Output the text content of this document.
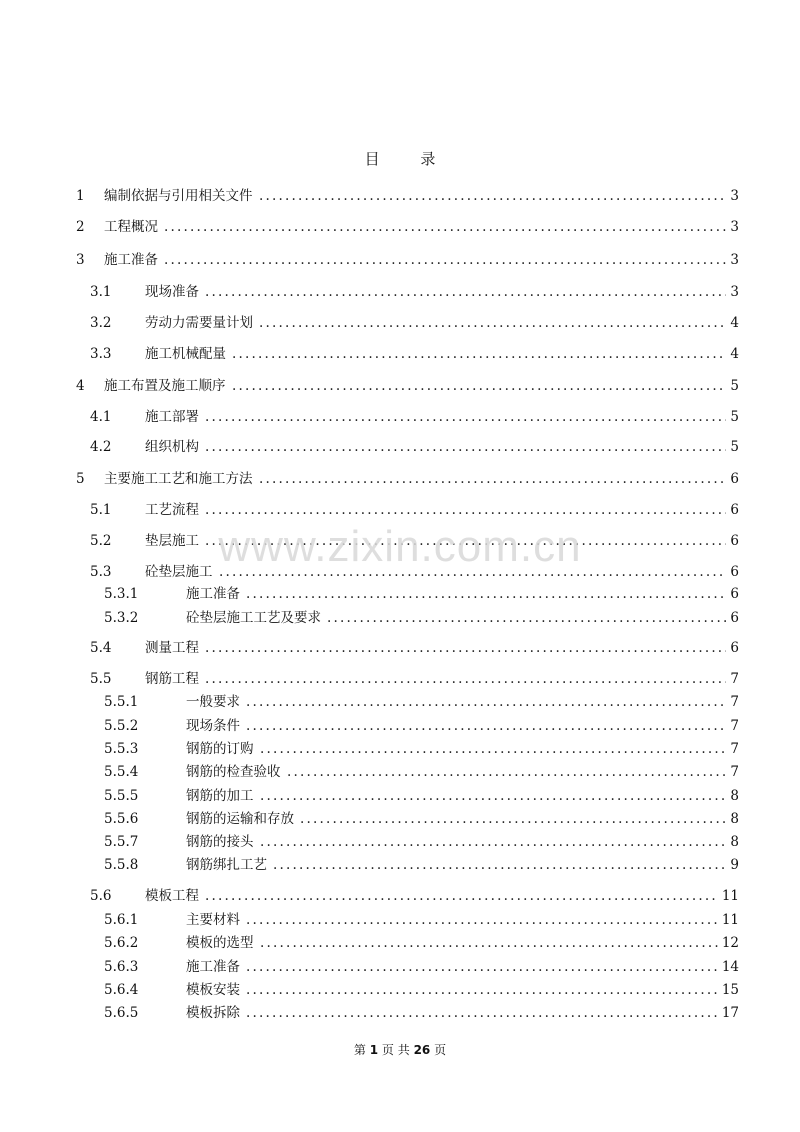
目 录
1 编制依据与引用相关文件 .....	3
2 工程概况 .....	3
3 施工准备 .....	3
3.1 现场准备 .....	3
3.2 劳动力需要量计划 .....	4
3.3 施工机械配量 .....	4
4 施工布置及施工顺序 .....	5
4.1 施工部署 .....	5
4.2 组织机构 .....	5
5 主要施工工艺和施工方法 .....	6
5.1 工艺流程 .....	6
5.2 垫层施工 .....	6
5.3 砼垫层施工 .....	6
5.3.1	施工准备 .....	6
5.3.2	砼垫层施工工艺及要求 .....	6
5.4 测量工程 .....	6
5.5 钢筋工程 .....	7
5.5.1	一般要求 .....	7
5.5.2	现场条件 .....	7
5.5.3	钢筋的订购 .....	7
5.5.4	钢筋的检查验收 .....	7
5.5.5	钢筋的加工 .....	8
5.5.6	钢筋的运输和存放 .....	8
5.5.7	钢筋的接头 .....	8
5.5.8	钢筋绑扎工艺 .....	9
5.6 模板工程 .....	11
5.6.1	主要材料 .....	11
5.6.2	模板的选型 .....	12
5.6.3	施工准备 .....	14
5.6.4	模板安装 .....	15
5.6.5	模板拆除 .....	17
www.zixin.com.cn
第 1 页 共 26 页
